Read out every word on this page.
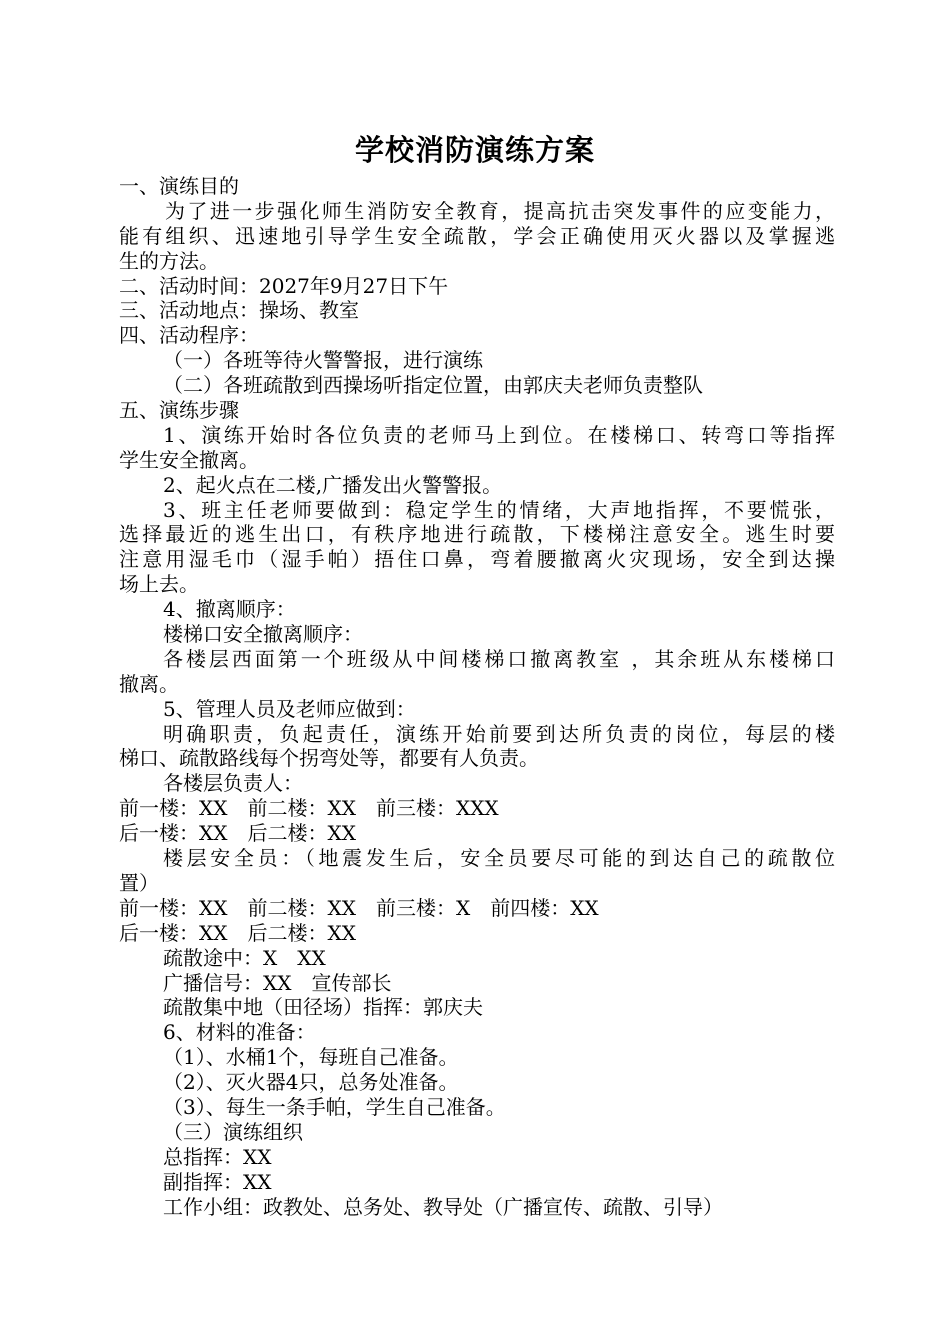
学校消防演练方案
一、演练目的
为了进一步强化师生消防安全教育，提高抗击突发事件的应变能力，
能有组织、迅速地引导学生安全疏散，学会正确使用灭火器以及掌握逃
生的方法。
二、活动时间：2027年9月27日下午
三、活动地点：操场、教室
四、活动程序：
（一）各班等待火警警报，进行演练
（二）各班疏散到西操场听指定位置，由郭庆夫老师负责整队
五、演练步骤
1、演练开始时各位负责的老师马上到位。在楼梯口、转弯口等指挥
学生安全撤离。
2、起火点在二楼,广播发出火警警报。
3、班主任老师要做到：稳定学生的情绪，大声地指挥，不要慌张，
选择最近的逃生出口，有秩序地进行疏散，下楼梯注意安全。逃生时要
注意用湿毛巾（湿手帕）捂住口鼻，弯着腰撤离火灾现场，安全到达操
场上去。
4、撤离顺序：
楼梯口安全撤离顺序：
各楼层西面第一个班级从中间楼梯口撤离教室 ，其余班从东楼梯口
撤离。
5、管理人员及老师应做到：
明确职责，负起责任，演练开始前要到达所负责的岗位，每层的楼
梯口、疏散路线每个拐弯处等，都要有人负责。
各楼层负责人：
前一楼：XX　前二楼：XX　前三楼：XXX
后一楼：XX　后二楼：XX
楼层安全员：（地震发生后，安全员要尽可能的到达自己的疏散位
置）
前一楼：XX　前二楼：XX　前三楼：X　前四楼：XX
后一楼：XX　后二楼：XX
疏散途中：X　XX
广播信号：XX　宣传部长
疏散集中地（田径场）指挥：郭庆夫
6、材料的准备：
（1）、水桶1个，每班自己准备。
（2）、灭火器4只，总务处准备。
（3）、每生一条手帕，学生自己准备。
（三）演练组织
总指挥：XX
副指挥：XX
工作小组：政教处、总务处、教导处（广播宣传、疏散、引导）
